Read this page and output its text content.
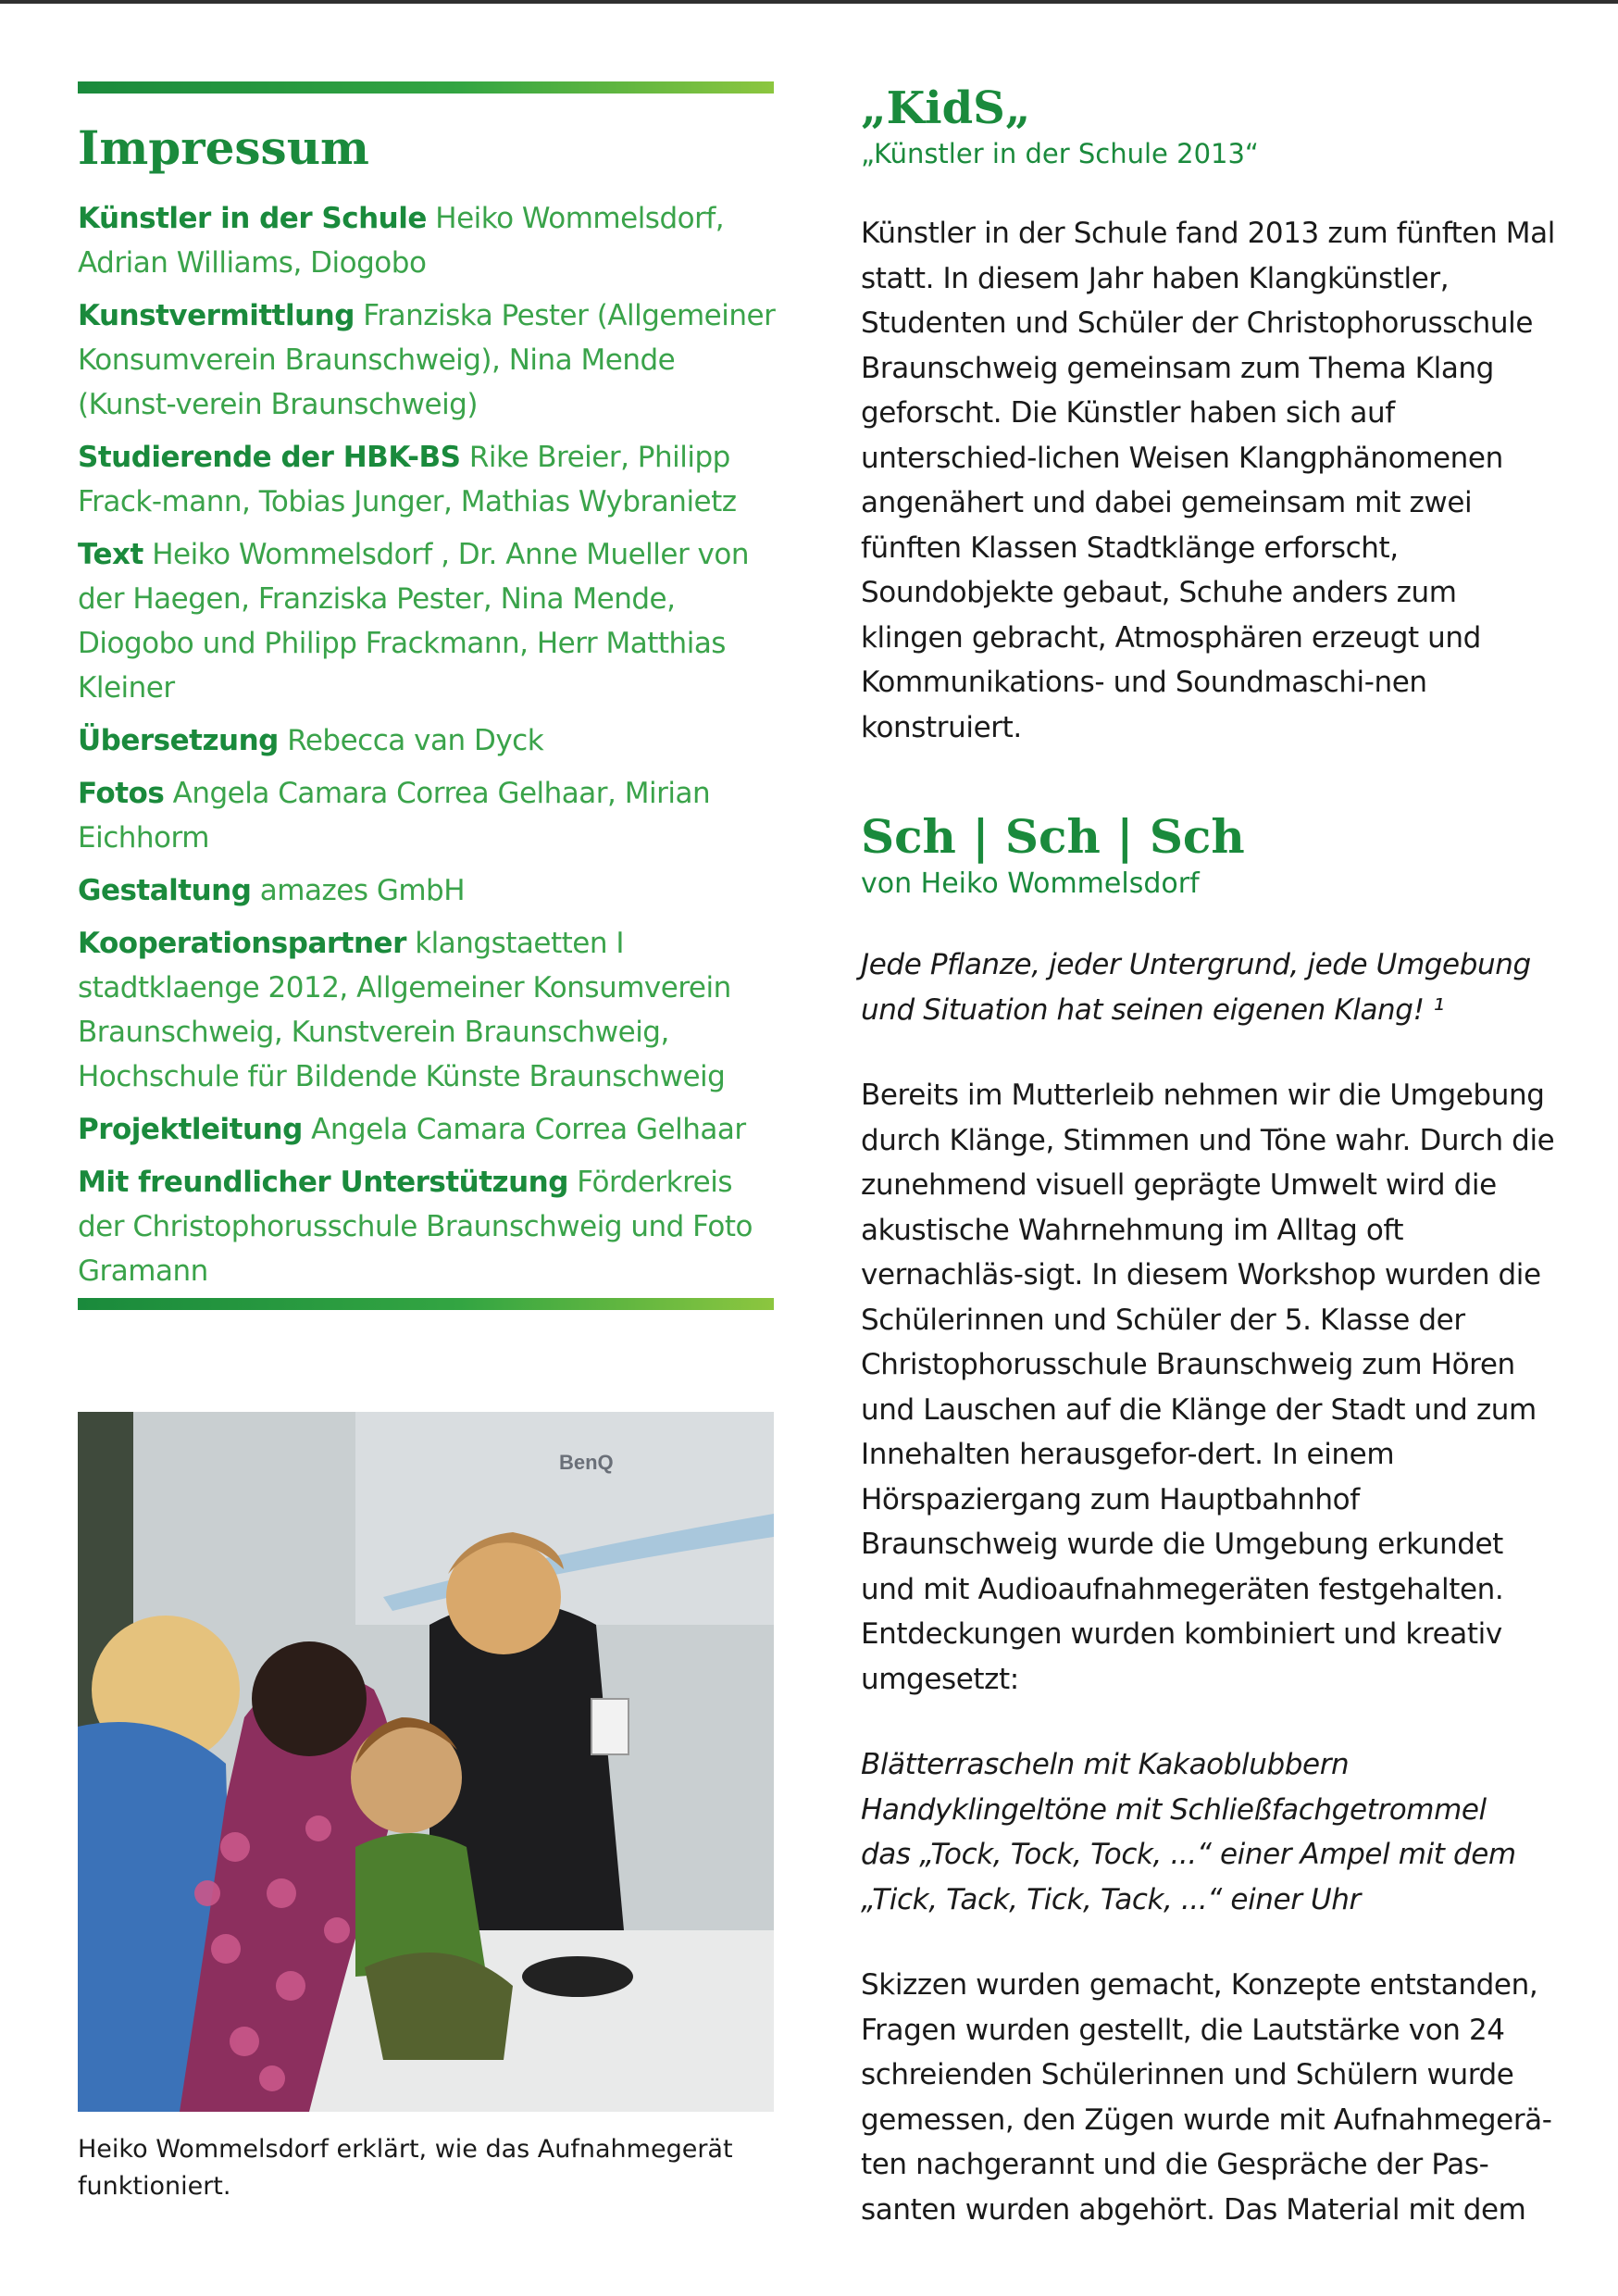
Impressum

Künstler in der Schule Heiko Wommelsdorf, Adrian Williams, Diogobo

Kunstvermittlung Franziska Pester (Allgemeiner Konsumverein Braunschweig), Nina Mende (Kunst-verein Braunschweig)

Studierende der HBK-BS Rike Breier, Philipp Frack-mann, Tobias Junger, Mathias Wybranietz

Text Heiko Wommelsdorf , Dr. Anne Mueller von der Haegen, Franziska Pester, Nina Mende, Diogobo und Philipp Frackmann, Herr Matthias Kleiner

Übersetzung Rebecca van Dyck

Fotos Angela Camara Correa Gelhaar, Mirian Eichhorm

Gestaltung amazes GmbH

Kooperationspartner klangstaetten I stadtklaenge 2012, Allgemeiner Konsumverein Braunschweig, Kunstverein Braunschweig, Hochschule für Bildende Künste Braunschweig

Projektleitung Angela Camara Correa Gelhaar

Mit freundlicher Unterstützung Förderkreis der Christophorusschule Braunschweig und Foto Gramann

BenQ
Heiko Wommelsdorf erklärt, wie das Aufnahmegerät funktioniert.
„KidS„

„Künstler in der Schule 2013“

Künstler in der Schule fand 2013 zum fünften Mal statt. In diesem Jahr haben Klangkünstler, Studenten und Schüler der Christophorusschule Braunschweig gemeinsam zum Thema Klang geforscht. Die Künstler haben sich auf unterschied-lichen Weisen Klangphänomenen angenähert und dabei gemeinsam mit zwei fünften Klassen Stadtklänge erforscht, Soundobjekte gebaut, Schuhe anders zum klingen gebracht, Atmosphären erzeugt und Kommunikations- und Soundmaschi-nen konstruiert.

Sch | Sch | Sch

von Heiko Wommelsdorf

Jede Pflanze, jeder Untergrund, jede Umgebung und Situation hat seinen eigenen Klang! ¹

Bereits im Mutterleib nehmen wir die Umgebung durch Klänge, Stimmen und Töne wahr. Durch die zunehmend visuell geprägte Umwelt wird die akustische Wahrnehmung im Alltag oft vernachläs-sigt. In diesem Workshop wurden die Schülerinnen und Schüler der 5. Klasse der Christophorusschule Braunschweig zum Hören und Lauschen auf die Klänge der Stadt und zum Innehalten herausgefor-dert. In einem Hörspaziergang zum Hauptbahnhof Braunschweig wurde die Umgebung erkundet und mit Audioaufnahmegeräten festgehalten. Entdeckungen wurden kombiniert und kreativ umgesetzt:

Blätterrascheln mit Kakaoblubbern

Handyklingeltöne mit Schließfachgetrommel

das „Tock, Tock, Tock, ...“ einer Ampel mit dem

„Tick, Tack, Tick, Tack, ...“ einer Uhr

Skizzen wurden gemacht, Konzepte entstanden, Fragen wurden gestellt, die Lautstärke von 24 schreienden Schülerinnen und Schülern wurde gemessen, den Zügen wurde mit Aufnahmegerä-ten nachgerannt und die Gespräche der Pas-santen wurden abgehört. Das Material mit dem
